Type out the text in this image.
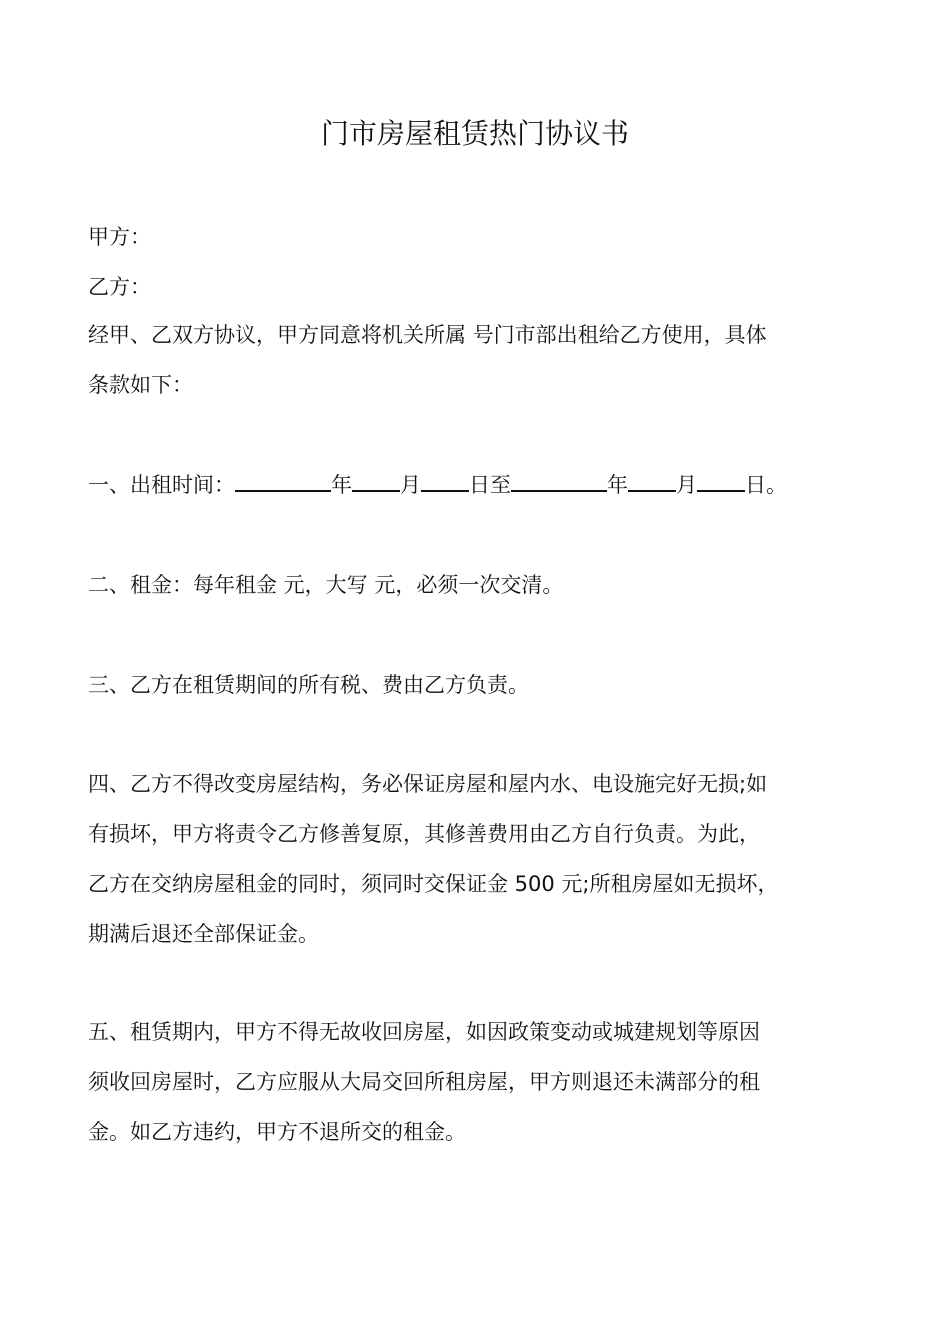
门市房屋租赁热门协议书
甲方：
乙方：
经甲、乙双方协议，甲方同意将机关所属 号门市部出租给乙方使用，具体
条款如下：
一、出租时间：	年 月 日至	年 月 日。
二、租金：每年租金 元，大写 元，必须一次交清。
三、乙方在租赁期间的所有税、费由乙方负责。
四、乙方不得改变房屋结构，务必保证房屋和屋内水、电设施完好无损;如
有损坏，甲方将责令乙方修善复原，其修善费用由乙方自行负责。为此，
乙方在交纳房屋租金的同时，须同时交保证金 500 元;所租房屋如无损坏，
期满后退还全部保证金。
五、租赁期内，甲方不得无故收回房屋，如因政策变动或城建规划等原因
须收回房屋时，乙方应服从大局交回所租房屋，甲方则退还未满部分的租
金。如乙方违约，甲方不退所交的租金。
